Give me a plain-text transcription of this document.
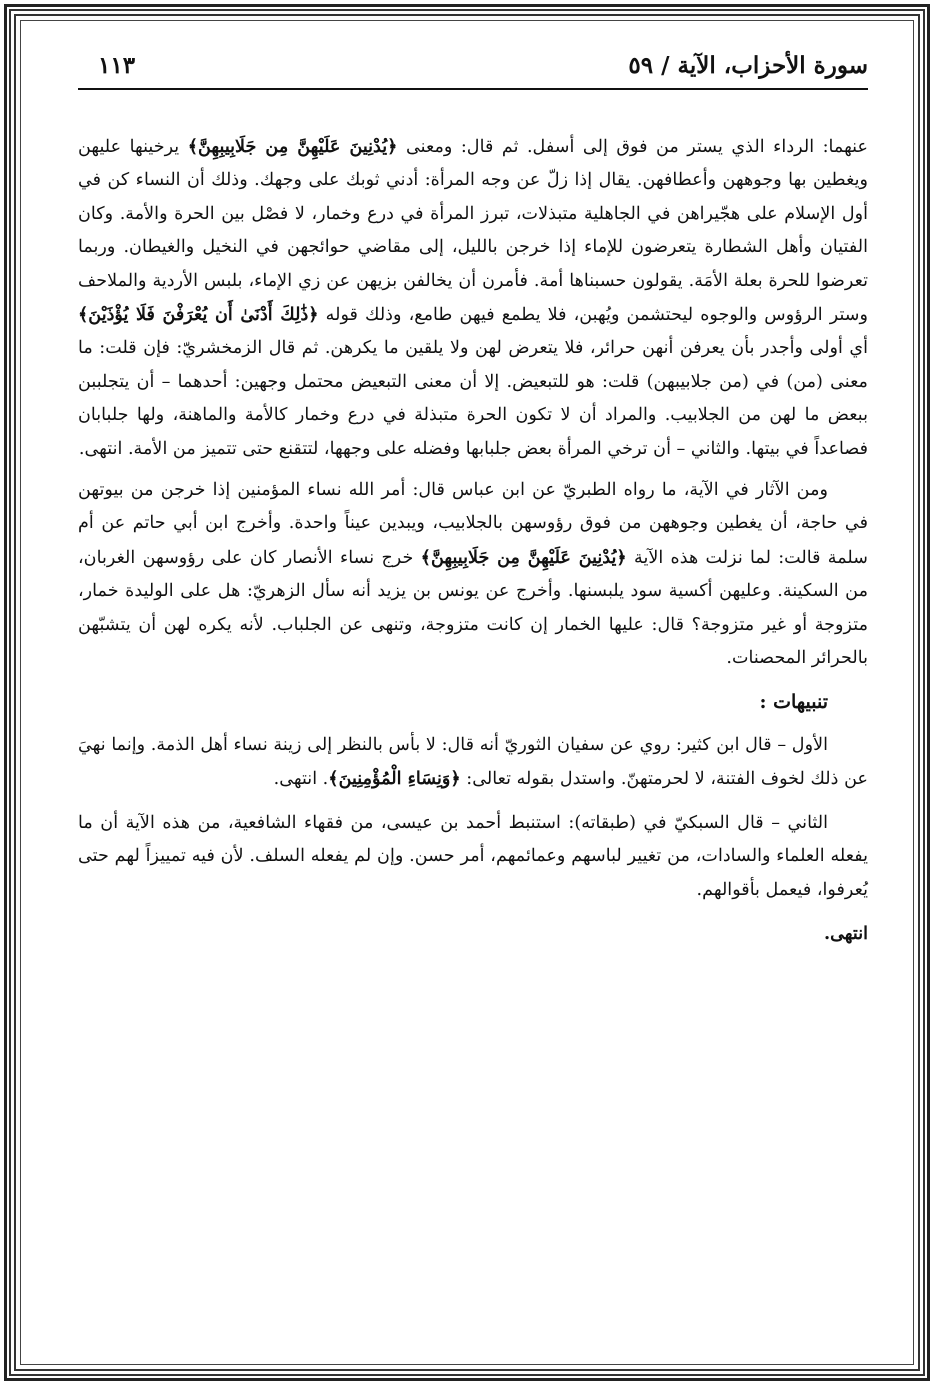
سورة الأحزاب، الآية / ٥٩
١١٣

عنهما: الرداء الذي يستر من فوق إلى أسفل. ثم قال: ومعنى ﴿يُدْنِينَ عَلَيْهِنَّ مِن جَلَابِيبِهِنَّ﴾ يرخينها عليهن ويغطين بها وجوههن وأعطافهن. يقال إذا زلّ عن وجه المرأة: أدني ثوبك على وجهك. وذلك أن النساء كن في أول الإسلام على هجّيراهن في الجاهلية متبذلات، تبرز المرأة في درع وخمار، لا فصْل بين الحرة والأمة. وكان الفتيان وأهل الشطارة يتعرضون للإماء إذا خرجن بالليل، إلى مقاضي حوائجهن في النخيل والغيطان. وربما تعرضوا للحرة بعلة الأمَة. يقولون حسبناها أمة. فأمرن أن يخالفن بزيهن عن زي الإماء، بلبس الأردية والملاحف وستر الرؤوس والوجوه ليحتشمن ويُهبن، فلا يطمع فيهن طامع، وذلك قوله ﴿ذَٰلِكَ أَدْنَىٰ أَن يُعْرَفْنَ فَلَا يُؤْذَيْنَ﴾ أي أولى وأجدر بأن يعرفن أنهن حرائر، فلا يتعرض لهن ولا يلقين ما يكرهن. ثم قال الزمخشريّ: فإن قلت: ما معنى (من) في (من جلابيبهن) قلت: هو للتبعيض. إلا أن معنى التبعيض محتمل وجهين: أحدهما – أن يتجلببن ببعض ما لهن من الجلابيب. والمراد أن لا تكون الحرة متبذلة في درع وخمار كالأمة والماهنة، ولها جلبابان فصاعداً في بيتها. والثاني – أن ترخي المرأة بعض جلبابها وفضله على وجهها، لتتقنع حتى تتميز من الأمة. انتهى.

ومن الآثار في الآية، ما رواه الطبريّ عن ابن عباس قال: أمر الله نساء المؤمنين إذا خرجن من بيوتهن في حاجة، أن يغطين وجوههن من فوق رؤوسهن بالجلابيب، ويبدين عيناً واحدة. وأخرج ابن أبي حاتم عن أم سلمة قالت: لما نزلت هذه الآية ﴿يُدْنِينَ عَلَيْهِنَّ مِن جَلَابِيبِهِنَّ﴾ خرج نساء الأنصار كان على رؤوسهن الغربان، من السكينة. وعليهن أكسية سود يلبسنها. وأخرج عن يونس بن يزيد أنه سأل الزهريّ: هل على الوليدة خمار، متزوجة أو غير متزوجة؟ قال: عليها الخمار إن كانت متزوجة، وتنهى عن الجلباب. لأنه يكره لهن أن يتشبّهن بالحرائر المحصنات.

تنبيهات :

الأول – قال ابن كثير: روي عن سفيان الثوريّ أنه قال: لا بأس بالنظر إلى زينة نساء أهل الذمة. وإنما نهيَ عن ذلك لخوف الفتنة، لا لحرمتهنّ. واستدل بقوله تعالى: ﴿وَنِسَاءِ الْمُؤْمِنِينَ﴾. انتهى.

الثاني – قال السبكيّ في (طبقاته): استنبط أحمد بن عيسى، من فقهاء الشافعية، من هذه الآية أن ما يفعله العلماء والسادات، من تغيير لباسهم وعمائمهم، أمر حسن. وإن لم يفعله السلف. لأن فيه تمييزاً لهم حتى يُعرفوا، فيعمل بأقوالهم.

انتهى.
